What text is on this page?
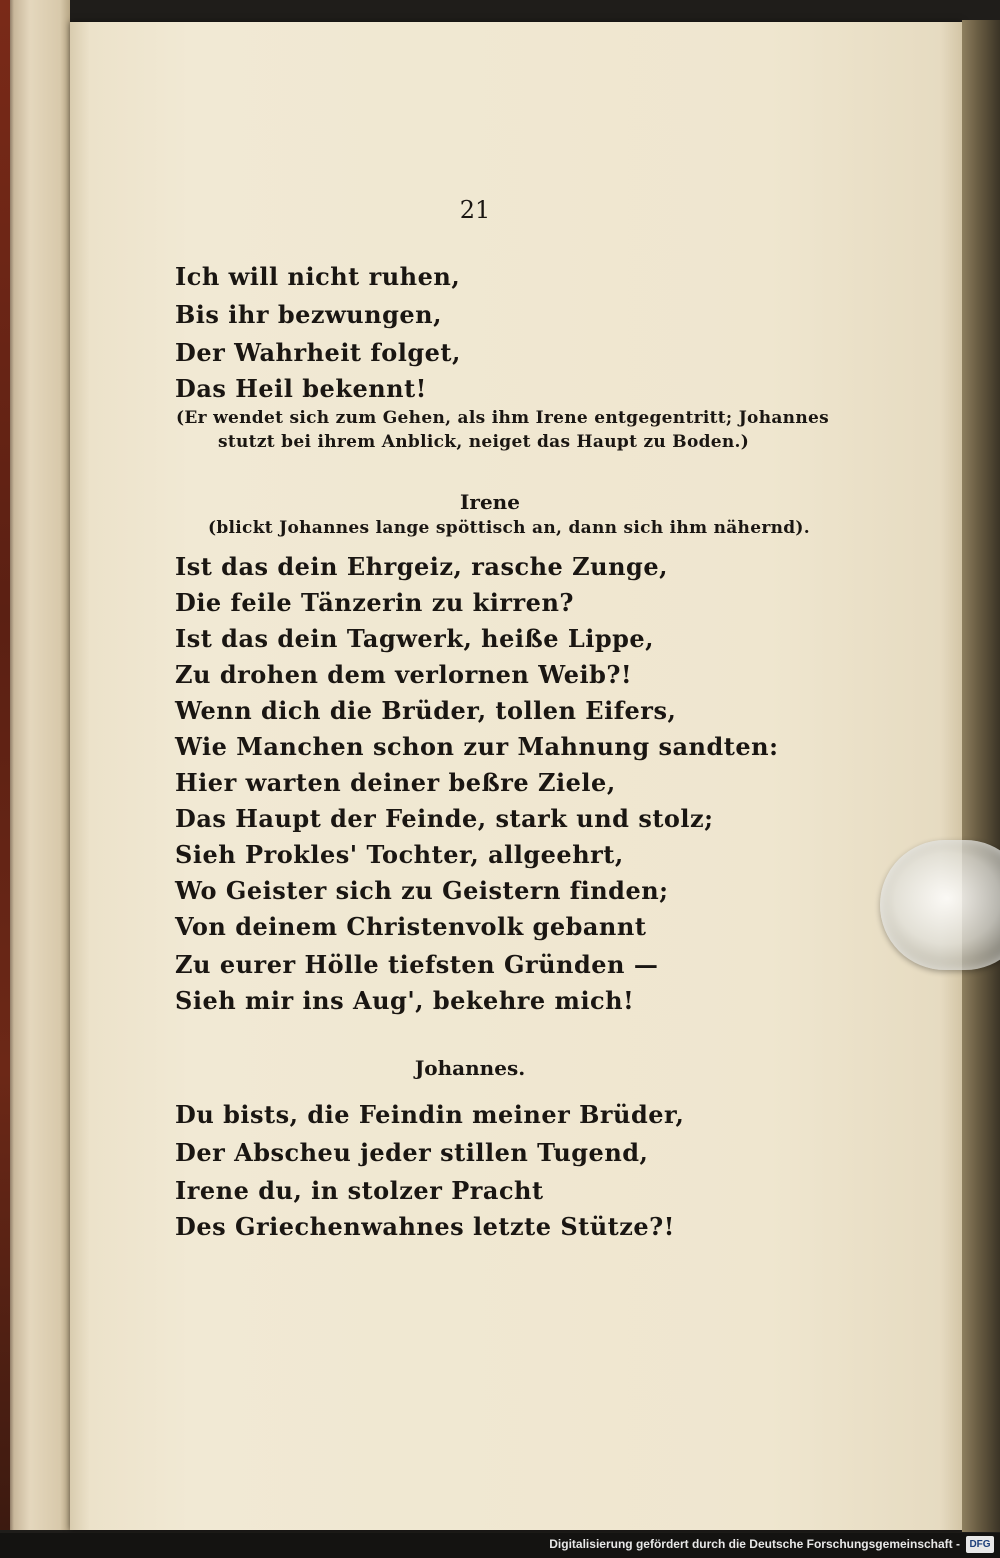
21
Ich will nicht ruhen,
Bis ihr bezwungen,
Der Wahrheit folget,
Das Heil bekennt!
(Er wendet sich zum Gehen, als ihm Irene entgegentritt; Johannes
stutzt bei ihrem Anblick, neiget das Haupt zu Boden.)
Irene
(blickt Johannes lange spöttisch an, dann sich ihm nähernd).
Ist das dein Ehrgeiz, rasche Zunge,
Die feile Tänzerin zu kirren?
Ist das dein Tagwerk, heiße Lippe,
Zu drohen dem verlornen Weib?!
Wenn dich die Brüder, tollen Eifers,
Wie Manchen schon zur Mahnung sandten:
Hier warten deiner beßre Ziele,
Das Haupt der Feinde, stark und stolz;
Sieh Prokles' Tochter, allgeehrt,
Wo Geister sich zu Geistern finden;
Von deinem Christenvolk gebannt
Zu eurer Hölle tiefsten Gründen —
Sieh mir ins Aug', bekehre mich!
Johannes.
Du bists, die Feindin meiner Brüder,
Der Abscheu jeder stillen Tugend,
Irene du, in stolzer Pracht
Des Griechenwahnes letzte Stütze?!
Digitalisierung gefördert durch die Deutsche Forschungsgemeinschaft - DFG
